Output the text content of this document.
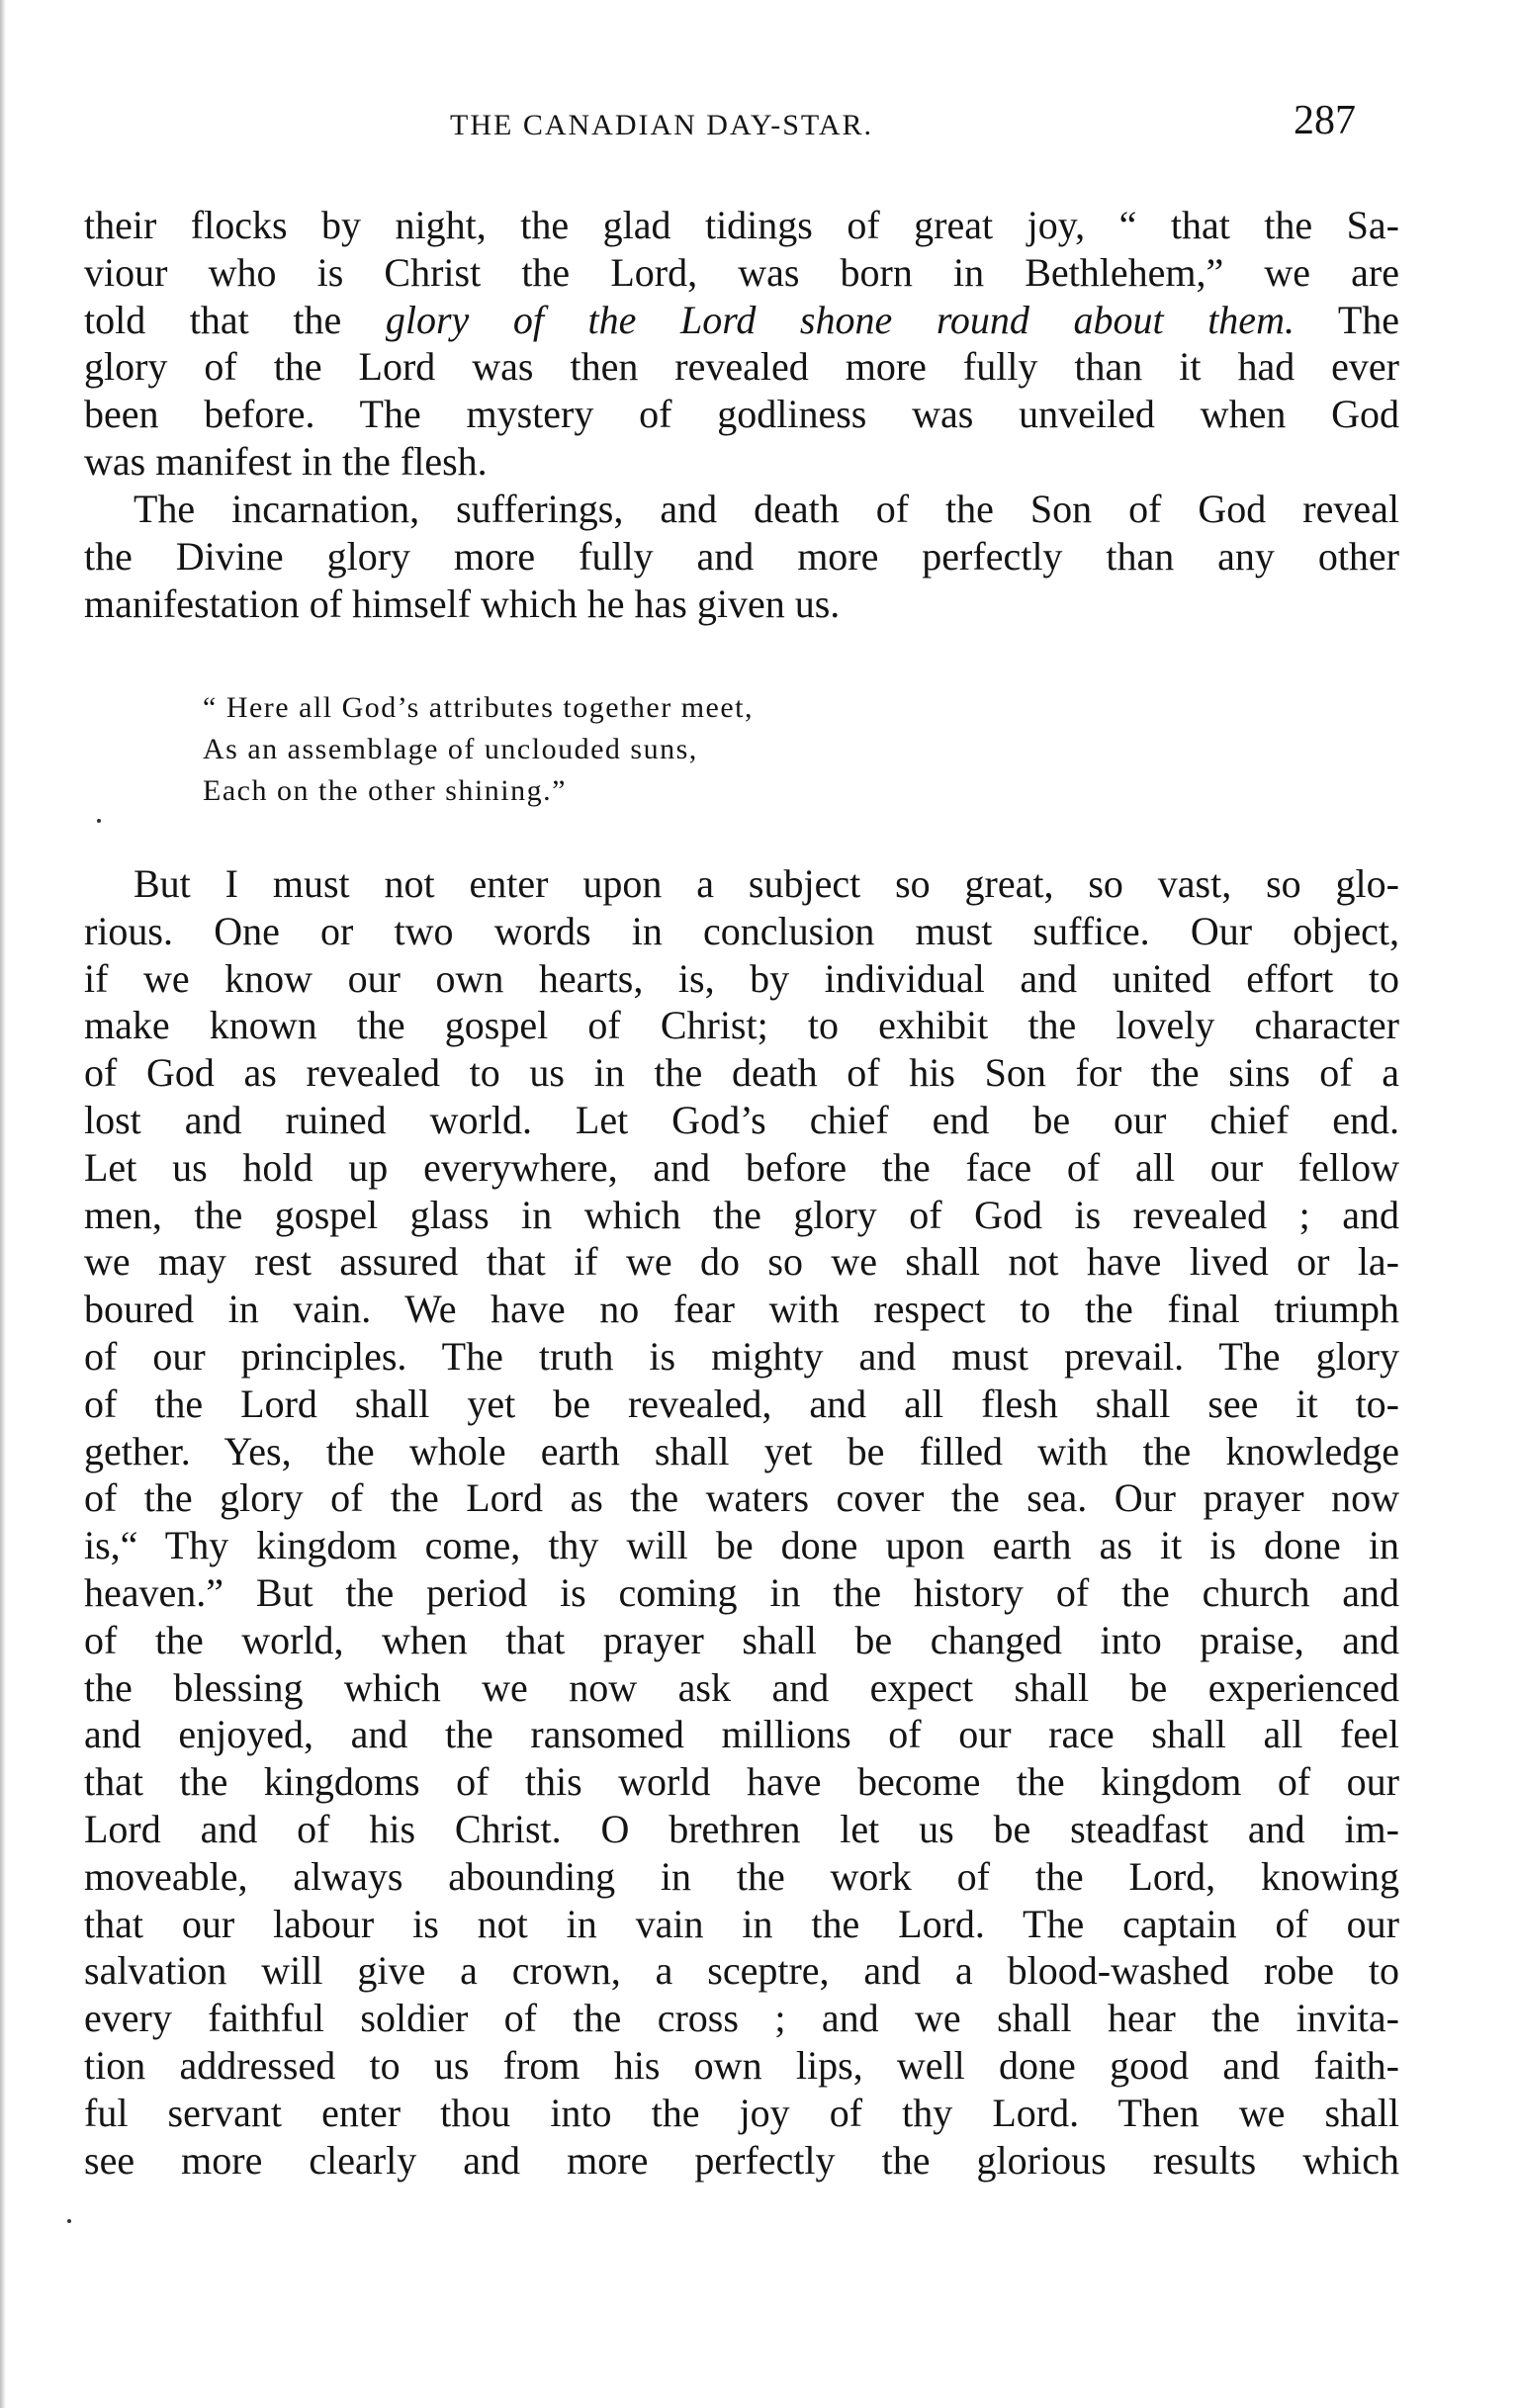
THE CANADIAN DAY-STAR.	287
their flocks by night, the glad tidings of great joy, “ that the Sa-
viour who is Christ the Lord, was born in Bethlehem,” we are
told that the glory of the Lord shone round about them. The
glory of the Lord was then revealed more fully than it had ever
been before. The mystery of godliness was unveiled when God
was manifest in the flesh.
The incarnation, sufferings, and death of the Son of God reveal
the Divine glory more fully and more perfectly than any other
manifestation of himself which he has given us.
“ Here all God’s attributes together meet,
As an assemblage of unclouded suns,
Each on the other shining.”
But I must not enter upon a subject so great, so vast, so glo-
rious. One or two words in conclusion must suffice. Our object,
if we know our own hearts, is, by individual and united effort to
make known the gospel of Christ; to exhibit the lovely character
of God as revealed to us in the death of his Son for the sins of a
lost and ruined world. Let God’s chief end be our chief end.
Let us hold up everywhere, and before the face of all our fellow
men, the gospel glass in which the glory of God is revealed ; and
we may rest assured that if we do so we shall not have lived or la-
boured in vain. We have no fear with respect to the final triumph
of our principles. The truth is mighty and must prevail. The glory
of the Lord shall yet be revealed, and all flesh shall see it to-
gether. Yes, the whole earth shall yet be filled with the knowledge
of the glory of the Lord as the waters cover the sea. Our prayer now
is,“ Thy kingdom come, thy will be done upon earth as it is done in
heaven.” But the period is coming in the history of the church and
of the world, when that prayer shall be changed into praise, and
the blessing which we now ask and expect shall be experienced
and enjoyed, and the ransomed millions of our race shall all feel
that the kingdoms of this world have become the kingdom of our
Lord and of his Christ. O brethren let us be steadfast and im-
moveable, always abounding in the work of the Lord, knowing
that our labour is not in vain in the Lord. The captain of our
salvation will give a crown, a sceptre, and a blood-washed robe to
every faithful soldier of the cross ; and we shall hear the invita-
tion addressed to us from his own lips, well done good and faith-
ful servant enter thou into the joy of thy Lord. Then we shall
see more clearly and more perfectly the glorious results which
